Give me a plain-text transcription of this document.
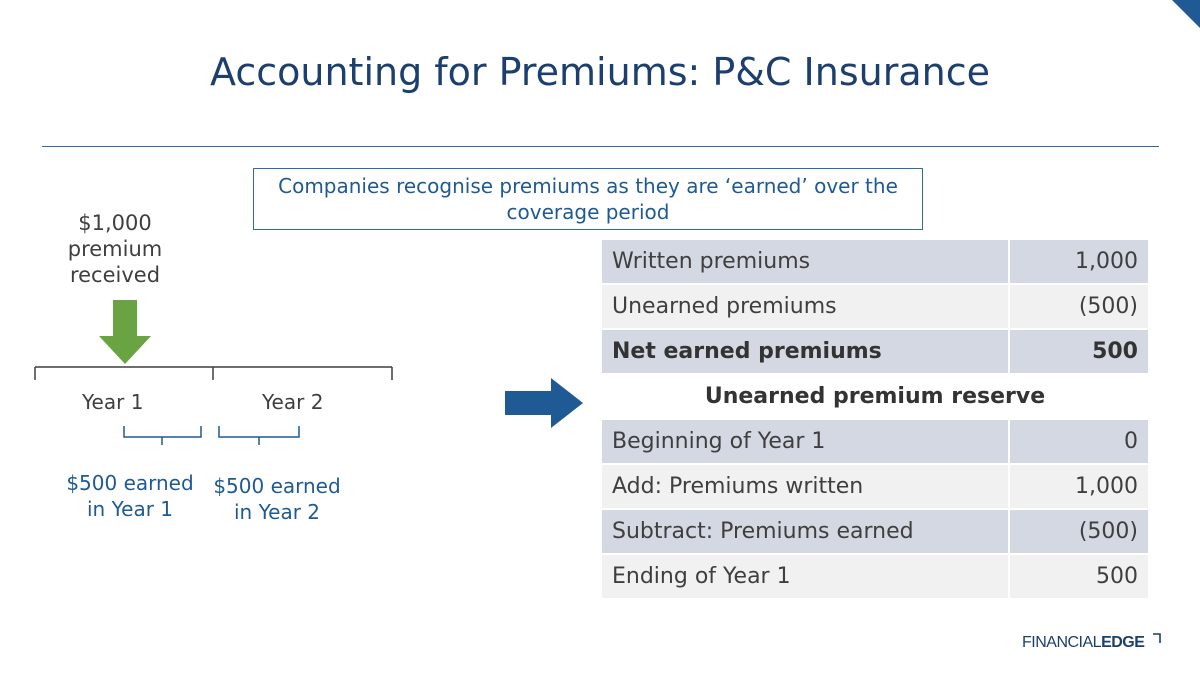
Accounting for Premiums: P&C Insurance
Companies recognise premiums as they are ‘earned’ over the
coverage period
$1,000
premium
received
Year 1	Year 2
$500 earned
in Year 1
$500 earned
in Year 2
Written premiums	1,000
Unearned premiums	(500)
Net earned premiums	500
Unearned premium reserve	
Beginning of Year 1	0
Add: Premiums written	1,000
Subtract: Premiums earned	(500)
Ending of Year 1	500
FINANCIALEDGE
